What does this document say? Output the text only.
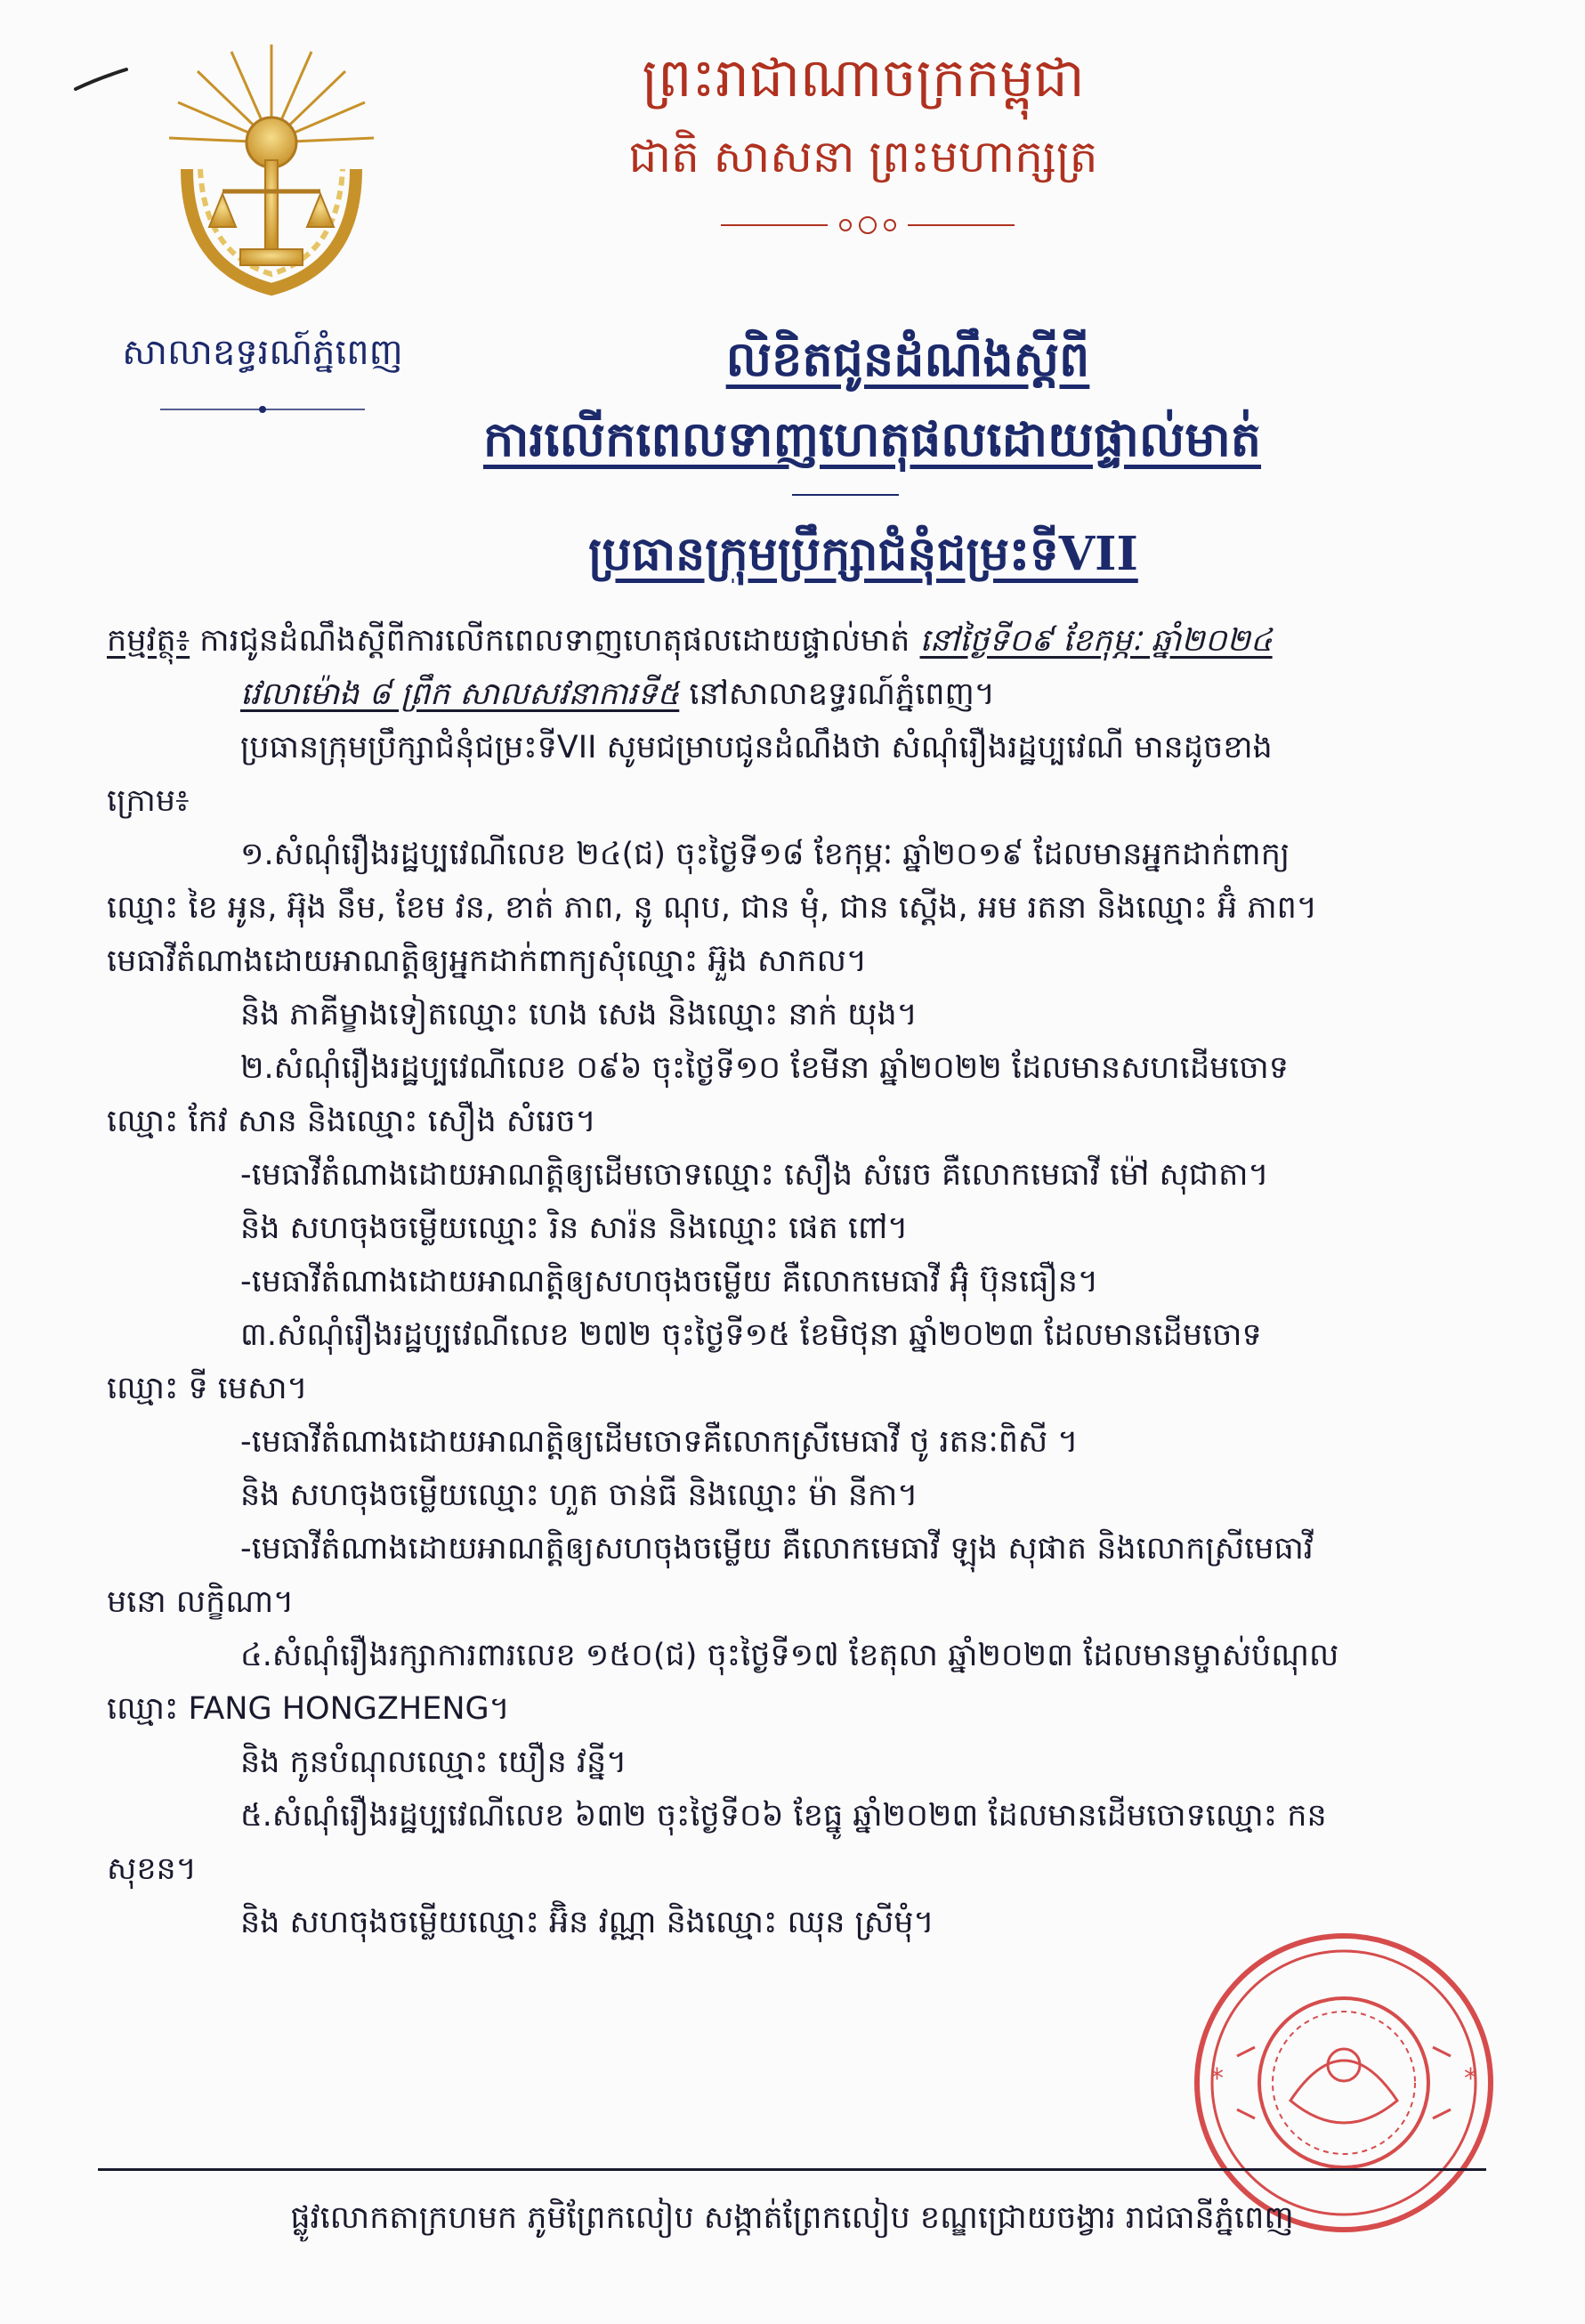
សាលាឧទ្ធរណ៍ភ្នំពេញ
ព្រះរាជាណាចក្រកម្ពុជា
ជាតិ សាសនា ព្រះមហាក្សត្រ
លិខិតជូនដំណឹងស្តីពី
ការលើកពេលទាញហេតុផលដោយផ្ទាល់មាត់
ប្រធានក្រុមប្រឹក្សាជំនុំជម្រះទីVII
កម្មវត្ថុ៖ ការជូនដំណឹងស្តីពីការលើកពេលទាញហេតុផលដោយផ្ទាល់មាត់ នៅថ្ងៃទី០៩ ខែកុម្ភៈ ឆ្នាំ២០២៤
វេលាម៉ោង ៨ ព្រឹក សាលសវនាការទី៥ នៅសាលាឧទ្ធរណ៍ភ្នំពេញ។
ប្រធានក្រុមប្រឹក្សាជំនុំជម្រះទីVII សូមជម្រាបជូនដំណឹងថា សំណុំរឿងរដ្ឋប្បវេណី មានដូចខាង
ក្រោម៖
១.សំណុំរឿងរដ្ឋប្បវេណីលេខ ២៤(ជ) ចុះថ្ងៃទី១៨ ខែកុម្ភៈ ឆ្នាំ២០១៩ ដែលមានអ្នកដាក់ពាក្យ
ឈ្មោះ ខៃ អូន, អ៊ុង នឹម, ខែម វន, ខាត់ ភាព, នូ ណុប, ជាន មុំ, ជាន ស្តើង, អម រតនា និងឈ្មោះ អ៊ំ ភាព។
មេធាវីតំណាងដោយអាណត្តិឲ្យអ្នកដាក់ពាក្យសុំឈ្មោះ អ៊ួង សាកល។
និង ភាគីម្ខាងទៀតឈ្មោះ ហេង សេង និងឈ្មោះ នាក់ យុង។
២.សំណុំរឿងរដ្ឋប្បវេណីលេខ ០៩៦ ចុះថ្ងៃទី១០ ខែមីនា ឆ្នាំ២០២២ ដែលមានសហដើមចោទ
ឈ្មោះ កែវ សាន និងឈ្មោះ សឿង សំរេច។
-មេធាវីតំណាងដោយអាណត្តិឲ្យដើមចោទឈ្មោះ សឿង សំរេច គឺលោកមេធាវី ម៉ៅ សុជាតា។
និង សហចុងចម្លើយឈ្មោះ រិន សារ៉ន និងឈ្មោះ ផេត ពៅ។
-មេធាវីតំណាងដោយអាណត្តិឲ្យសហចុងចម្លើយ គឺលោកមេធាវី អ៊ុំ ប៊ុនធឿន។
៣.សំណុំរឿងរដ្ឋប្បវេណីលេខ ២៧២ ចុះថ្ងៃទី១៥ ខែមិថុនា ឆ្នាំ២០២៣ ដែលមានដើមចោទ
ឈ្មោះ ទី មេសា។
-មេធាវីតំណាងដោយអាណត្តិឲ្យដើមចោទគឺលោកស្រីមេធាវី ថូ រតនៈពិសី ។
និង សហចុងចម្លើយឈ្មោះ ហួត ចាន់ធី និងឈ្មោះ ម៉ា នីកា។
-មេធាវីតំណាងដោយអាណត្តិឲ្យសហចុងចម្លើយ គឺលោកមេធាវី ឡុង សុផាត និងលោកស្រីមេធាវី
មនោ លក្ខិណា។
៤.សំណុំរឿងរក្សាការពារលេខ ១៥០(ជ) ចុះថ្ងៃទី១៧ ខែតុលា ឆ្នាំ២០២៣ ដែលមានម្ចាស់បំណុល
ឈ្មោះ FANG HONGZHENG។
និង កូនបំណុលឈ្មោះ យឿន វន្នី។
៥.សំណុំរឿងរដ្ឋប្បវេណីលេខ ៦៣២ ចុះថ្ងៃទី០៦ ខែធ្នូ ឆ្នាំ២០២៣ ដែលមានដើមចោទឈ្មោះ កន
សុខន។
និង សហចុងចម្លើយឈ្មោះ អ៊ិន វណ្ណា និងឈ្មោះ ឈុន ស្រីមុំ។
*	*
ផ្លូវលោកតាក្រហមក ភូមិព្រែកលៀប សង្កាត់ព្រែកលៀប ខណ្ឌជ្រោយចង្វារ រាជធានីភ្នំពេញ
